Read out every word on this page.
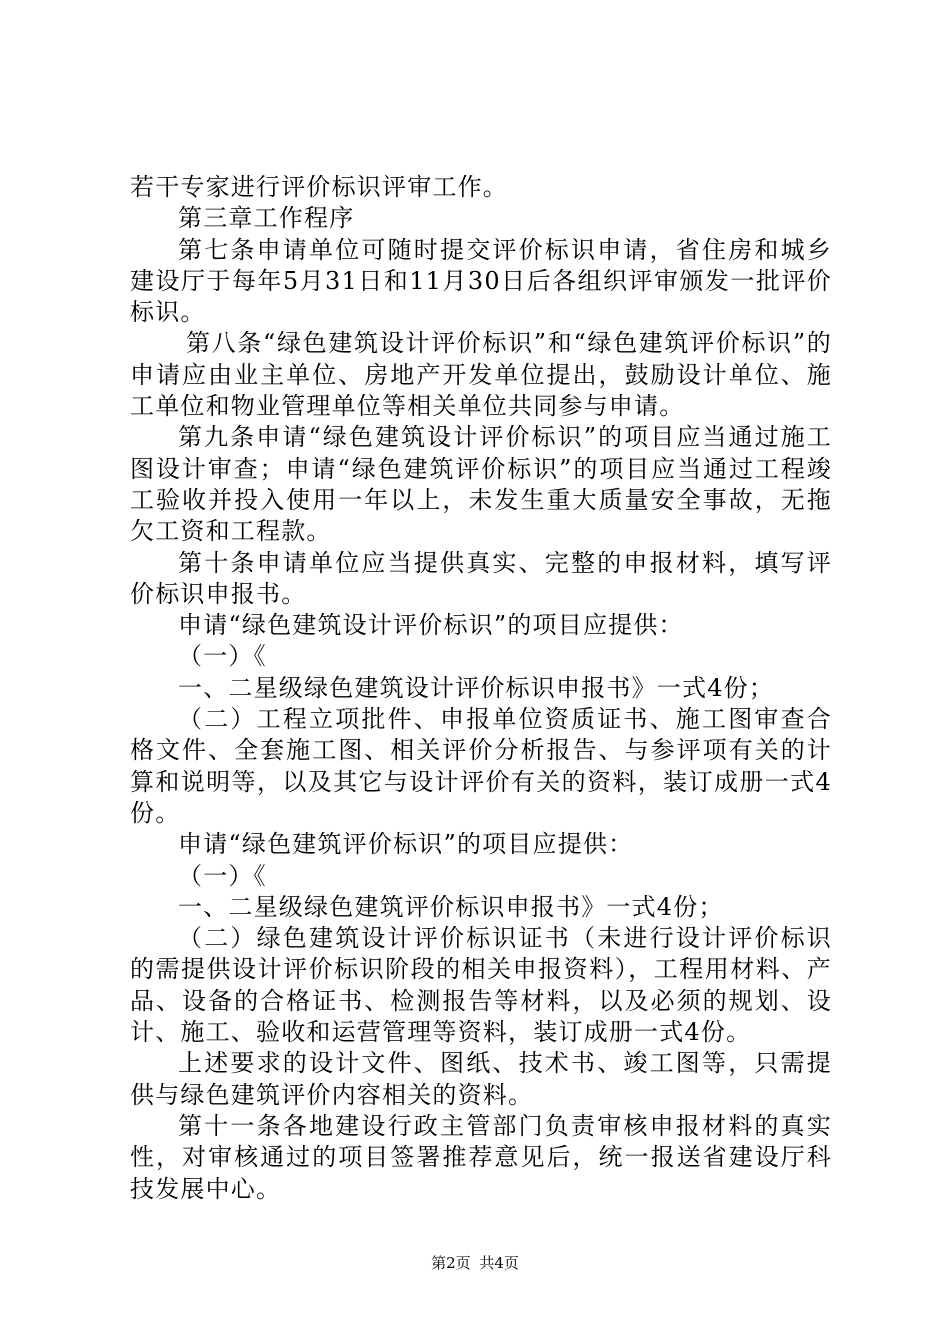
若干专家进行评价标识评审工作。

第三章工作程序

第七条申请单位可随时提交评价标识申请，省住房和城乡建设厅于每年5月31日和11月30日后各组织评审颁发一批评价标识。

第八条“绿色建筑设计评价标识”和“绿色建筑评价标识”的申请应由业主单位、房地产开发单位提出，鼓励设计单位、施工单位和物业管理单位等相关单位共同参与申请。

第九条申请“绿色建筑设计评价标识”的项目应当通过施工图设计审查；申请“绿色建筑评价标识”的项目应当通过工程竣工验收并投入使用一年以上，未发生重大质量安全事故，无拖欠工资和工程款。

第十条申请单位应当提供真实、完整的申报材料，填写评价标识申报书。

申请“绿色建筑设计评价标识”的项目应提供：

（一）《

一、二星级绿色建筑设计评价标识申报书》一式4份；

（二）工程立项批件、申报单位资质证书、施工图审查合格文件、全套施工图、相关评价分析报告、与参评项有关的计算和说明等，以及其它与设计评价有关的资料，装订成册一式4份。

申请“绿色建筑评价标识”的项目应提供：

（一）《

一、二星级绿色建筑评价标识申报书》一式4份；

（二）绿色建筑设计评价标识证书（未进行设计评价标识的需提供设计评价标识阶段的相关申报资料），工程用材料、产品、设备的合格证书、检测报告等材料，以及必须的规划、设计、施工、验收和运营管理等资料，装订成册一式4份。

上述要求的设计文件、图纸、技术书、竣工图等，只需提供与绿色建筑评价内容相关的资料。

第十一条各地建设行政主管部门负责审核申报材料的真实性，对审核通过的项目签署推荐意见后，统一报送省建设厅科技发展中心。

第2页 共4页
